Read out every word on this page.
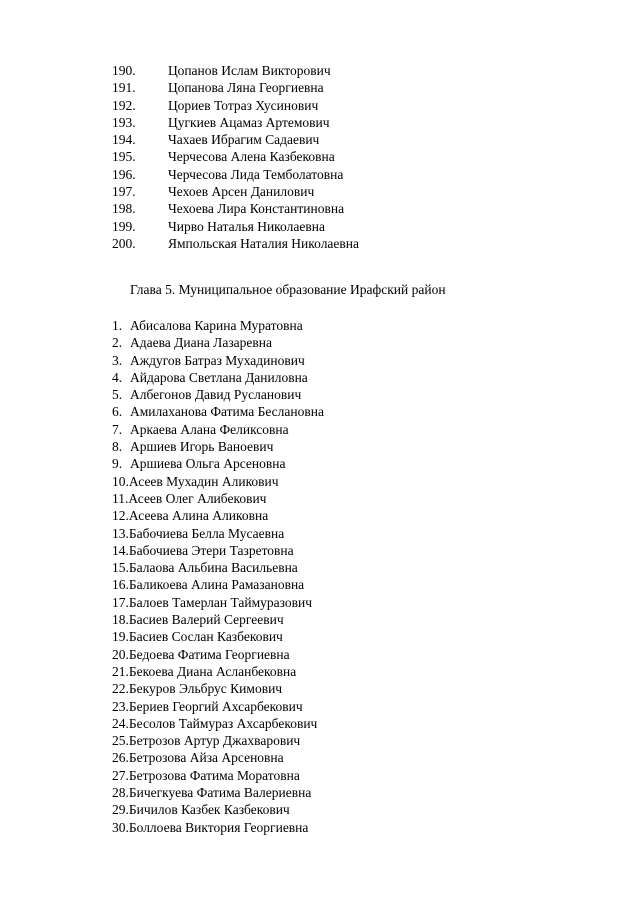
190. Цопанов Ислам Викторович
191. Цопанова Ляна Георгиевна
192. Цориев Тотраз Хусинович
193. Цугкиев Ацамаз Артемович
194. Чахаев Ибрагим Садаевич
195. Черчесова Алена Казбековна
196. Черчесова Лида Темболатовна
197. Чехоев Арсен Данилович
198. Чехоева Лира Константиновна
199. Чирво Наталья Николаевна
200. Ямпольская Наталия Николаевна
Глава 5. Муниципальное образование Ирафский район
1. Абисалова Карина Муратовна
2. Адаева Диана Лазаревна
3. Аждугов Батраз Мухадинович
4. Айдарова Светлана Даниловна
5. Албегонов Давид Русланович
6. Амилаханова Фатима Беслановна
7. Аркаева Алана Феликсовна
8. Аршиев Игорь Ваноевич
9. Аршиева Ольга Арсеновна
10.Асеев Мухадин Аликович
11.Асеев Олег Алибекович
12.Асеева Алина Аликовна
13.Бабочиева Белла Мусаевна
14.Бабочиева Этери Тазретовна
15.Балаова Альбина Васильевна
16.Баликоева Алина Рамазановна
17.Балоев Тамерлан Таймуразович
18.Басиев Валерий Сергеевич
19.Басиев Сослан Казбекович
20.Бедоева Фатима Георгиевна
21.Бекоева Диана Асланбековна
22.Бекуров Эльбрус Кимович
23.Бериев Георгий Ахсарбекович
24.Бесолов Таймураз Ахсарбекович
25.Бетрозов Артур Джахварович
26.Бетрозова Айза Арсеновна
27.Бетрозова Фатима Моратовна
28.Бичегкуева Фатима Валериевна
29.Бичилов Казбек Казбекович
30.Боллоева Виктория Георгиевна
